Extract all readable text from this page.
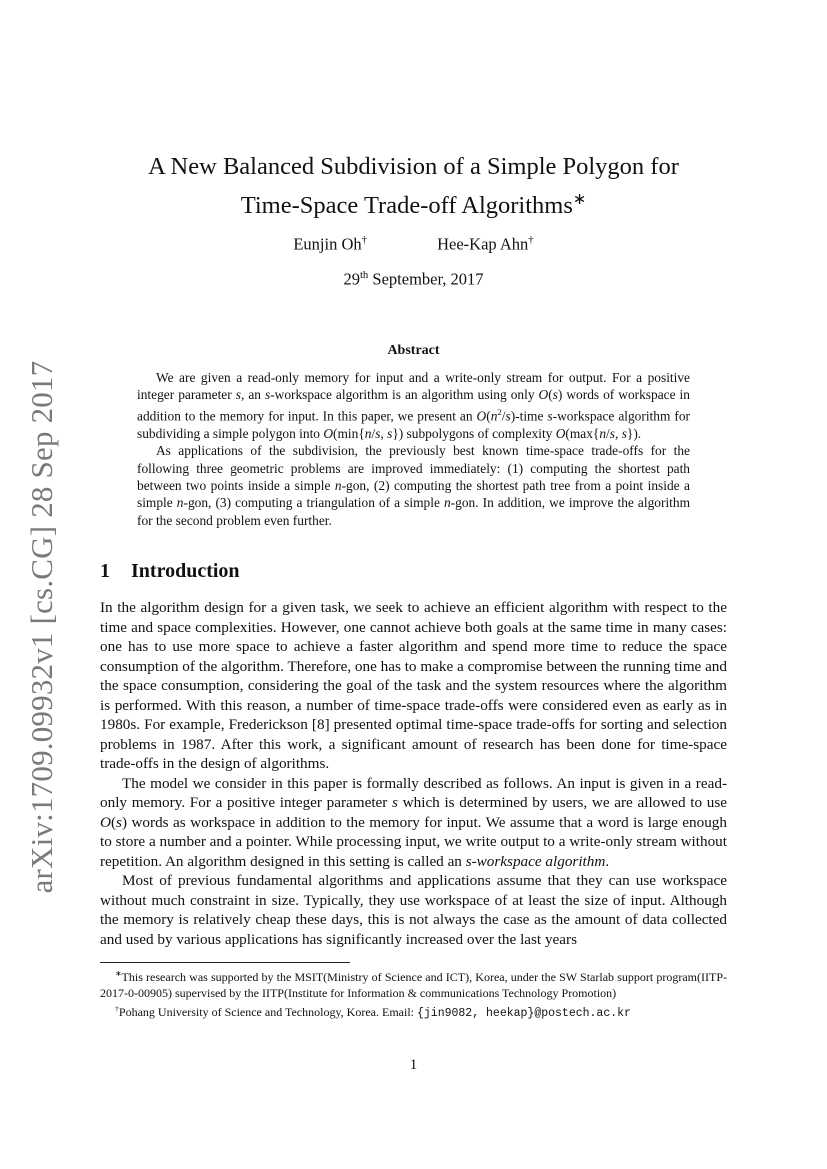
arXiv:1709.09932v1 [cs.CG] 28 Sep 2017
A New Balanced Subdivision of a Simple Polygon for
Time-Space Trade-off Algorithms∗
Eunjin Oh†	Hee-Kap Ahn†
29th September, 2017
Abstract

We are given a read-only memory for input and a write-only stream for output. For a positive integer parameter s, an s-workspace algorithm is an algorithm using only O(s) words of workspace in addition to the memory for input. In this paper, we present an $O(n^2/s)$-time s-workspace algorithm for subdividing a simple polygon into O(min{n/s, s}) subpolygons of complexity O(max{n/s, s}).

As applications of the subdivision, the previously best known time-space trade-offs for the following three geometric problems are improved immediately: (1) computing the shortest path between two points inside a simple n-gon, (2) computing the shortest path tree from a point inside a simple n-gon, (3) computing a triangulation of a simple n-gon. In addition, we improve the algorithm for the second problem even further.

1 Introduction

In the algorithm design for a given task, we seek to achieve an efficient algorithm with respect to the time and space complexities. However, one cannot achieve both goals at the same time in many cases: one has to use more space to achieve a faster algorithm and spend more time to reduce the space consumption of the algorithm. Therefore, one has to make a compromise between the running time and the space consumption, considering the goal of the task and the system resources where the algorithm is performed. With this reason, a number of time-space trade-offs were considered even as early as in 1980s. For example, Frederickson [8] presented optimal time-space trade-offs for sorting and selection problems in 1987. After this work, a significant amount of research has been done for time-space trade-offs in the design of algorithms.

The model we consider in this paper is formally described as follows. An input is given in a read-only memory. For a positive integer parameter s which is determined by users, we are allowed to use O(s) words as workspace in addition to the memory for input. We assume that a word is large enough to store a number and a pointer. While processing input, we write output to a write-only stream without repetition. An algorithm designed in this setting is called an s-workspace algorithm.

Most of previous fundamental algorithms and applications assume that they can use workspace without much constraint in size. Typically, they use workspace of at least the size of input. Although the memory is relatively cheap these days, this is not always the case as the amount of data collected and used by various applications has significantly increased over the last years

∗This research was supported by the MSIT(Ministry of Science and ICT), Korea, under the SW Starlab support program(IITP-2017-0-00905) supervised by the IITP(Institute for Information & communications Technology Promotion)

†Pohang University of Science and Technology, Korea. Email: {jin9082, heekap}@postech.ac.kr

1
